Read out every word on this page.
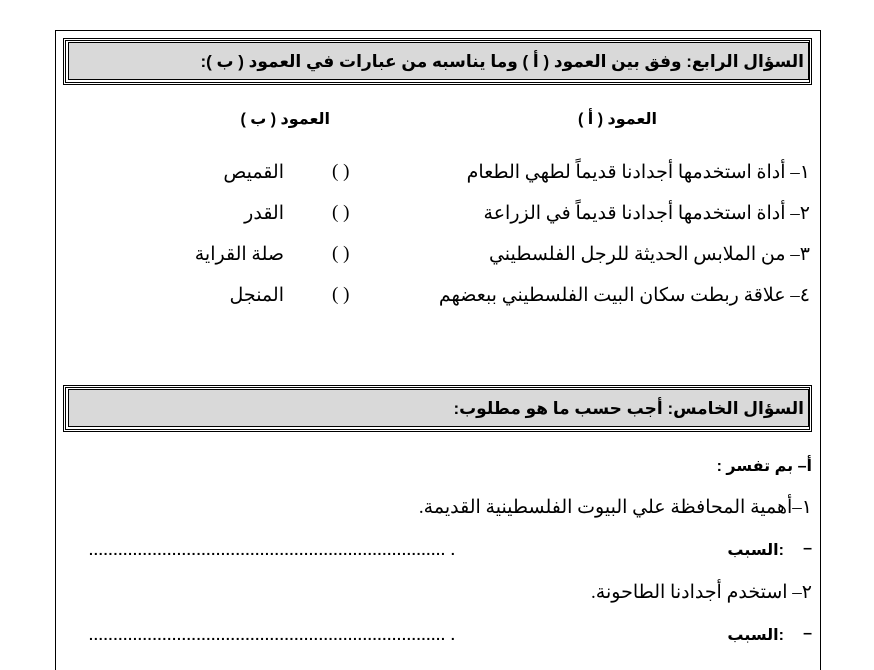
السؤال الرابع: وفق بين العمود ( أ ) وما يناسبه من عبارات في العمود ( ب ):
العمود ( أ )
العمود ( ب )
١– أداة استخدمها أجدادنا قديماً لطهي الطعام
( )
القميص
٢– أداة استخدمها أجدادنا قديماً في الزراعة
( )
القدر
٣– من الملابس الحديثة للرجل الفلسطيني
( )
صلة القراية
٤– علاقة ربطت سكان البيت الفلسطيني ببعضهم
( )
المنجل
السؤال الخامس: أجب حسب ما هو مطلوب:
أ– بم تفسر :
١–أهمية المحافظة علي البيوت الفلسطينية القديمة.
السبب: –
......................................................................... .
٢– استخدم أجدادنا الطاحونة.
السبب: –
......................................................................... .
